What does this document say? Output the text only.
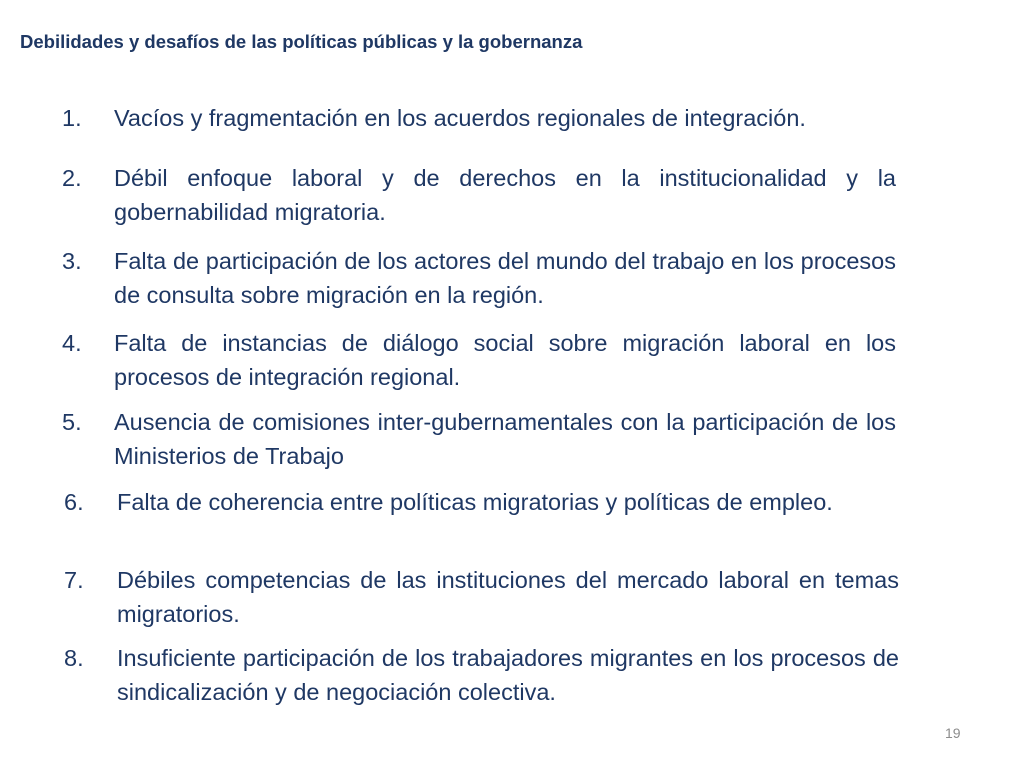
Debilidades y desafíos de las políticas públicas y la gobernanza
1.	Vacíos y fragmentación en los acuerdos regionales de integración.
2.	Débil enfoque laboral y de derechos en la institucionalidad y la gobernabilidad migratoria.
3.	Falta de participación de los actores del mundo del trabajo en los procesos de consulta sobre migración en la región.
4.	Falta de instancias de diálogo social sobre migración laboral en los procesos de integración regional.
5.	Ausencia de comisiones inter-gubernamentales con la participación de los Ministerios de Trabajo
6.	Falta de coherencia entre políticas migratorias y políticas de empleo.
7.	Débiles competencias de las instituciones del mercado laboral en temas migratorios.
8.	Insuficiente participación de los trabajadores migrantes en los procesos de sindicalización y de negociación colectiva.
19
